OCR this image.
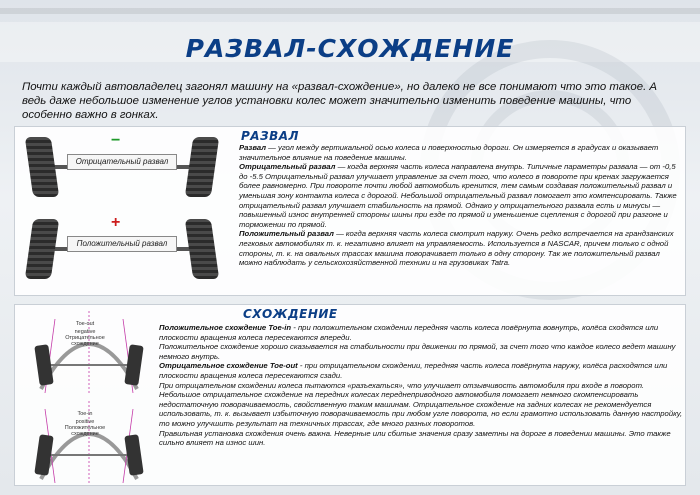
РАЗВАЛ-СХОЖДЕНИЕ
Почти каждый автовладелец загонял машину на «развал-схождение», но далеко не все понимают что это такое. А ведь даже небольшое изменение углов установки колес может значительно изменить поведение машины, что особенно важно в гонках.
−
Отрицательный развал
+
Положительный развал
РАЗВАЛ

Развал — угол между вертикальной осью колеса и поверхностью дороги. Он измеряется в градусах и оказывает значительное влияние на поведение машины.

Отрицательный развал — когда верхняя часть колеса направлена внутрь. Типичные параметры развала — от -0,5 до -5.5 Отрицательный развал улучшает управление за счет того, что колесо в повороте при кренах загружается более равномерно. При повороте почти любой автомобиль кренится, тем самым создавая положительный развал и уменьшая зону контакта колеса с дорогой. Небольшой отрицательный развал помогает это компенсировать. Также отрицательный развал улучшает стабильность на прямой. Однако у отрицательного развала есть и минусы — повышенный износ внутренней стороны шины при езде по прямой и уменьшение сцепления с дорогой при разгоне и торможении по прямой.

Положительный развал — когда верхняя часть колеса смотрит наружу. Очень редко встречается на грандзанских легковых автомобилях т. к. негативно влияет на управляемость. Используется в NASCAR, причем только с одной стороны, т. к. на овальных трассах машина поворачивает только в одну сторону. Так же положительный развал можно наблюдать у сельскохозяйственной техники и на грузовиках Tatra.

Toe-out
negative
Отрицательное схождение
Toe-in
positive
Положительное схождение
СХОЖДЕНИЕ

Положительное схождение Toe-in - при положительном схождении передняя часть колеса повёрнута вовнутрь, колёса сходятся или плоскости вращения колеса пересекаются впереди.

Положительное схождение хорошо сказывается на стабильности при движении по прямой, за счет того что каждое колесо ведет машину немного внутрь.

Отрицательное схождение Toe-out - при отрицательном схождении, передняя часть колеса повёрнута наружу, колёса расходятся или плоскости вращения колеса пересекаются сзади.

При отрицательном схождении колеса пытаются «разъехаться», что улучшает отзывчивость автомобиля при входе в поворот.

Небольшое отрицательное схождение на передних колесах переднеприводного автомобиля помогает немного скомпенсировать недостаточную поворачиваемость, свойственную таким машинам. Отрицательное схождение на задних колесах не рекомендуется использовать, т. к. вызывает избыточную поворачиваемость при любом угле поворота, но если грамотно использовать данную настройку, то можно улучшить результат на техничных трассах, где много разных поворотов.

Правильная установка схождения очень важна. Неверные или сбитые значения сразу заметны на дороге в поведении машины. Это также сильно влияет на износ шин.
